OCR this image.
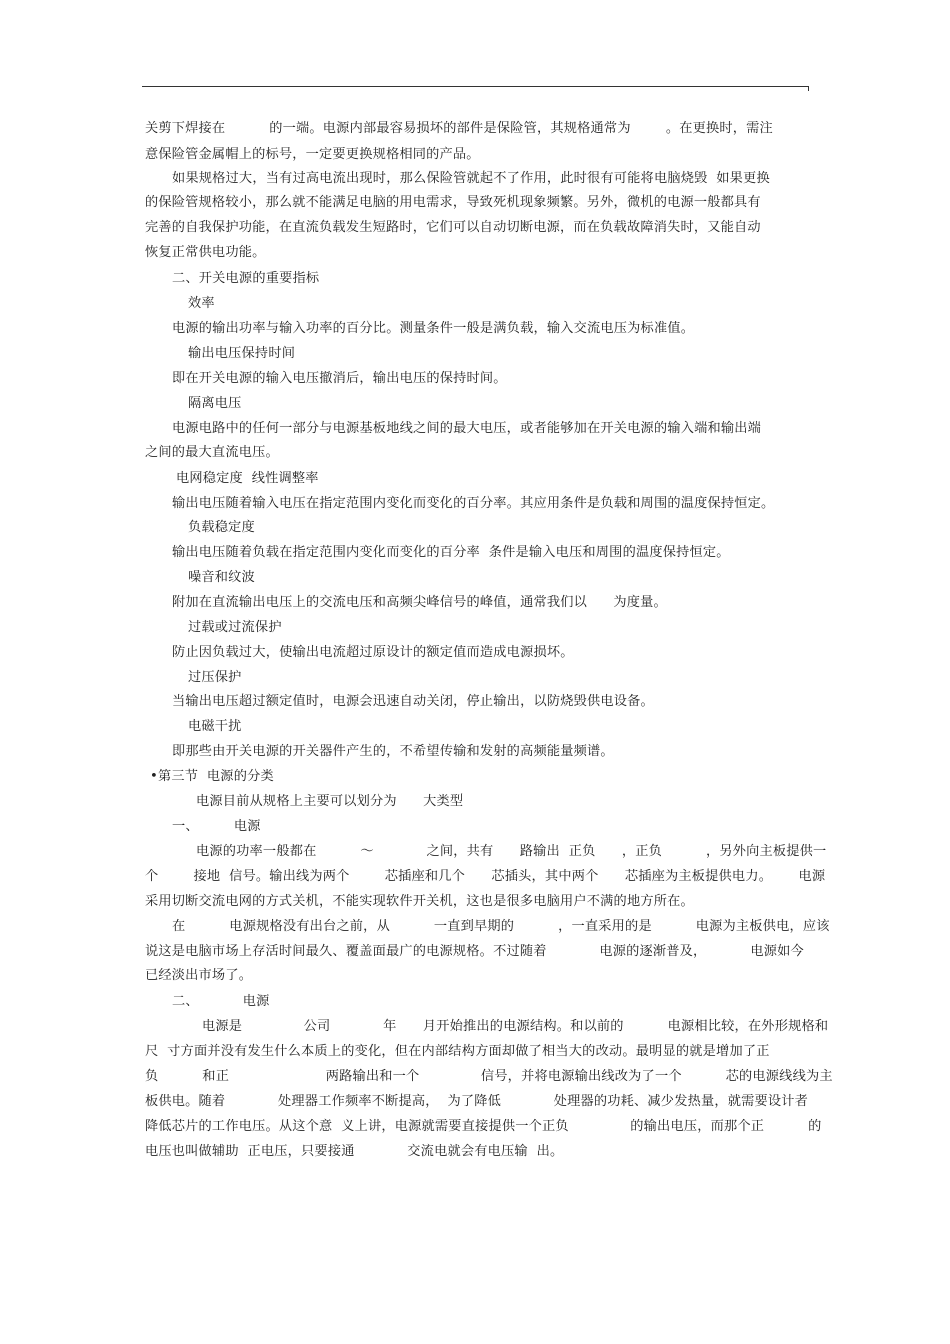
关剪下焊接在          的一端。电源内部最容易损坏的部件是保险管，其规格通常为        。在更换时，需注
意保险管金属帽上的标号，一定要更换规格相同的产品。
如果规格过大，当有过高电流出现时，那么保险管就起不了作用，此时很有可能将电脑烧毁  如果更换
的保险管规格较小，那么就不能满足电脑的用电需求，导致死机现象频繁。另外，微机的电源一般都具有
完善的自我保护功能，在直流负载发生短路时，它们可以自动切断电源，而在负载故障消失时，又能自动
恢复正常供电功能。
二、开关电源的重要指标
效率
电源的输出功率与输入功率的百分比。测量条件一般是满负载，输入交流电压为标准值。
输出电压保持时间
即在开关电源的输入电压撤消后，输出电压的保持时间。
隔离电压
电源电路中的任何一部分与电源基板地线之间的最大电压，或者能够加在开关电源的输入端和输出端
之间的最大直流电压。
电网稳定度  线性调整率
输出电压随着输入电压在指定范围内变化而变化的百分率。其应用条件是负载和周围的温度保持恒定。
负载稳定度
输出电压随着负载在指定范围内变化而变化的百分率  条件是输入电压和周围的温度保持恒定。
噪音和纹波
附加在直流输出电压上的交流电压和高频尖峰信号的峰值，通常我们以      为度量。
过载或过流保护
防止因负载过大，使输出电流超过原设计的额定值而造成电源损坏。
过压保护
当输出电压超过额定值时，电源会迅速自动关闭，停止输出，以防烧毁供电设备。
电磁干扰
即那些由开关电源的开关器件产生的，不希望传输和发射的高频能量频谱。
•第三节  电源的分类
电源目前从规格上主要可以划分为      大类型
一、        电源
电源的功率一般都在          ～            之间，共有      路输出  正负      ，正负          ，另外向主板提供一
个        接地  信号。输出线为两个        芯插座和几个      芯插头，其中两个      芯插座为主板提供电力。      电源
采用切断交流电网的方式关机，不能实现软件开关机，这也是很多电脑用户不满的地方所在。
在          电源规格没有出台之前，从          一直到早期的          ，一直采用的是          电源为主板供电，应该
说这是电脑市场上存活时间最久、覆盖面最广的电源规格。不过随着            电源的逐渐普及，          电源如今
已经淡出市场了。
二、          电源
电源是              公司            年      月开始推出的电源结构。和以前的          电源相比较，在外形规格和
尺  寸方面并没有发生什么本质上的变化，但在内部结构方面却做了相当大的改动。最明显的就是增加了正
负          和正                      两路输出和一个              信号，并将电源输出线改为了一个          芯的电源线线为主
板供电。随着            处理器工作频率不断提高，  为了降低            处理器的功耗、减少发热量，就需要设计者
降低芯片的工作电压。从这个意  义上讲，电源就需要直接提供一个正负              的输出电压，而那个正          的
电压也叫做辅助  正电压，只要接通            交流电就会有电压输  出。
